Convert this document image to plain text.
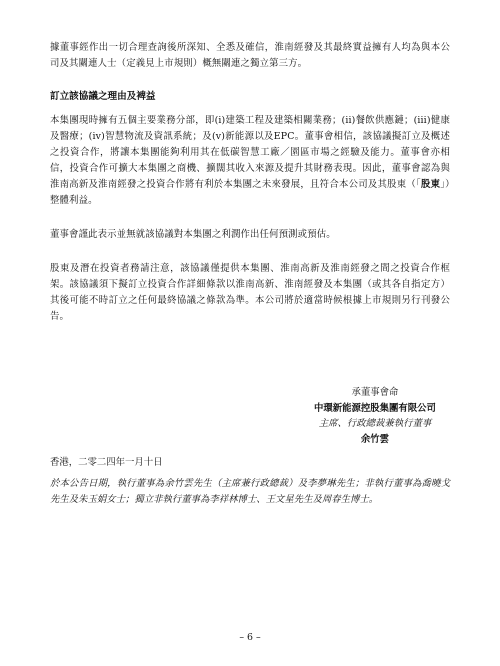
據董事經作出一切合理查詢後所深知、全悉及確信，淮南經發及其最終實益擁有人均為與本公司及其關連人士（定義見上市規則）概無關連之獨立第三方。

訂立該協議之理由及裨益

本集團現時擁有五個主要業務分部，即(i)建築工程及建築相關業務；(ii)餐飲供應鏈；(iii)健康及醫療；(iv)智慧物流及資訊系統；及(v)新能源以及EPC。董事會相信，該協議擬訂立及概述之投資合作，將讓本集團能夠利用其在低碳智慧工廠／園區市場之經驗及能力。董事會亦相信，投資合作可擴大本集團之商機、擴闊其收入來源及提升其財務表現。因此，董事會認為與淮南高新及淮南經發之投資合作將有利於本集團之未來發展，且符合本公司及其股東（「股東」）整體利益。

董事會謹此表示並無就該協議對本集團之利潤作出任何預測或預估。

股東及潛在投資者務請注意，該協議僅提供本集團、淮南高新及淮南經發之間之投資合作框架。該協議須下擬訂立投資合作詳細條款以淮南高新、淮南經發及本集團（或其各自指定方）其後可能不時訂立之任何最終協議之條款為準。本公司將於適當時候根據上市規則另行刊發公告。

承董事會命
中環新能源控股集團有限公司
主席、行政總裁兼執行董事
余竹雲
香港，二零二四年一月十日

於本公告日期，執行董事為余竹雲先生（主席兼行政總裁）及李夢琳先生；非執行董事為喬曉戈先生及朱玉娟女士；獨立非執行董事為李祥林博士、王文星先生及周春生博士。

– 6 –
